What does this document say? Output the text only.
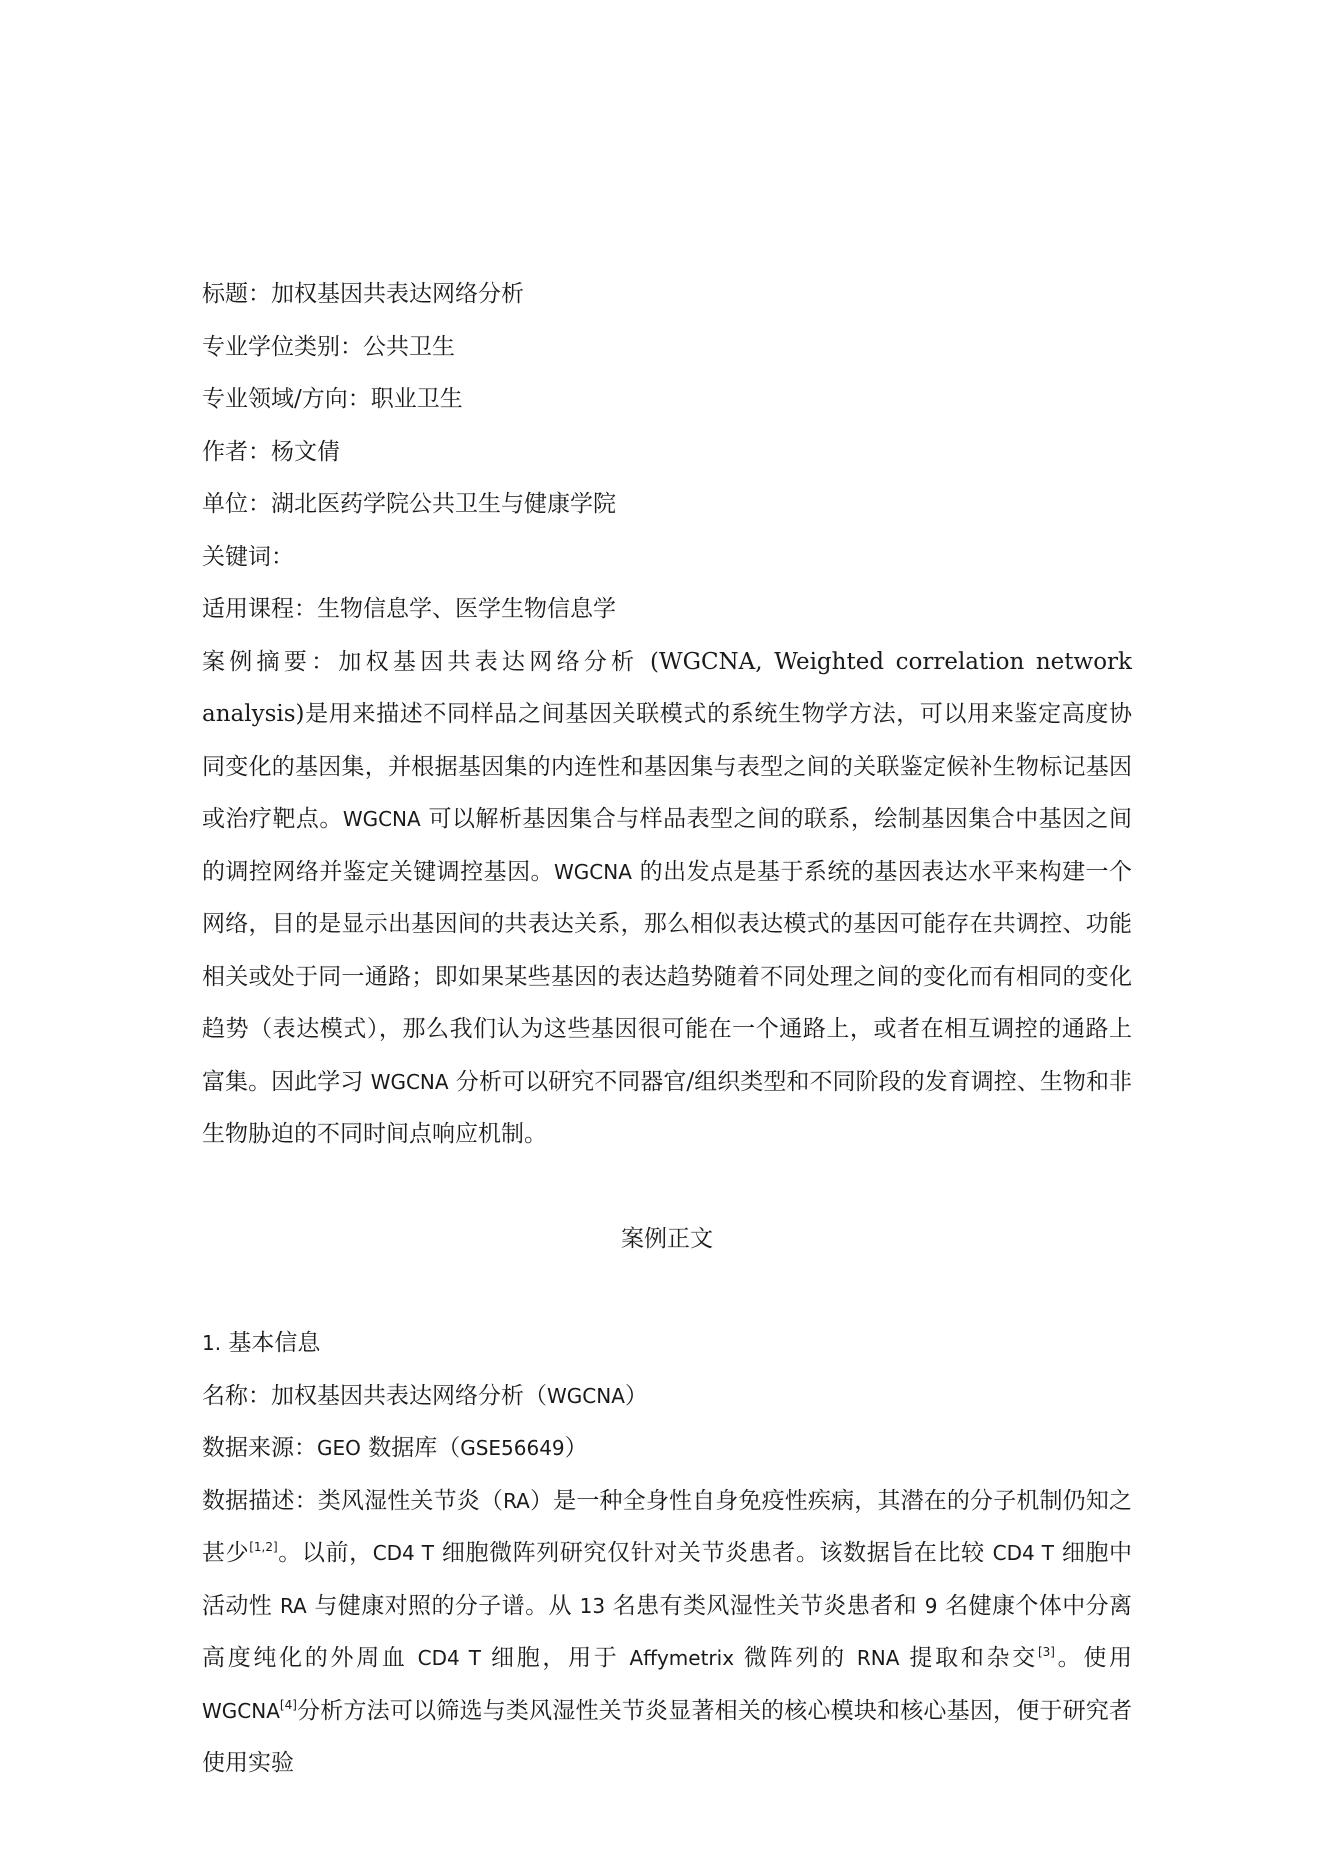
标题：加权基因共表达网络分析

专业学位类别：公共卫生

专业领域/方向：职业卫生

作者：杨文倩

单位：湖北医药学院公共卫生与健康学院

关键词：

适用课程：生物信息学、医学生物信息学

案例摘要：加权基因共表达网络分析 (WGCNA, Weighted correlation network analysis)是用来描述不同样品之间基因关联模式的系统生物学方法，可以用来鉴定高度协同变化的基因集，并根据基因集的内连性和基因集与表型之间的关联鉴定候补生物标记基因或治疗靶点。WGCNA 可以解析基因集合与样品表型之间的联系，绘制基因集合中基因之间的调控网络并鉴定关键调控基因。WGCNA 的出发点是基于系统的基因表达水平来构建一个网络，目的是显示出基因间的共表达关系，那么相似表达模式的基因可能存在共调控、功能相关或处于同一通路；即如果某些基因的表达趋势随着不同处理之间的变化而有相同的变化趋势（表达模式），那么我们认为这些基因很可能在一个通路上，或者在相互调控的通路上富集。因此学习 WGCNA 分析可以研究不同器官/组织类型和不同阶段的发育调控、生物和非生物胁迫的不同时间点响应机制。

案例正文

1. 基本信息

名称：加权基因共表达网络分析（WGCNA）

数据来源：GEO 数据库（GSE56649）

数据描述：类风湿性关节炎（RA）是一种全身性自身免疫性疾病，其潜在的分子机制仍知之甚少[1,2]。以前，CD4 T 细胞微阵列研究仅针对关节炎患者。该数据旨在比较 CD4 T 细胞中活动性 RA 与健康对照的分子谱。从 13 名患有类风湿性关节炎患者和 9 名健康个体中分离高度纯化的外周血 CD4 T 细胞，用于 Affymetrix 微阵列的 RNA 提取和杂交[3]。使用 WGCNA[4]分析方法可以筛选与类风湿性关节炎显著相关的核心模块和核心基因，便于研究者使用实验
